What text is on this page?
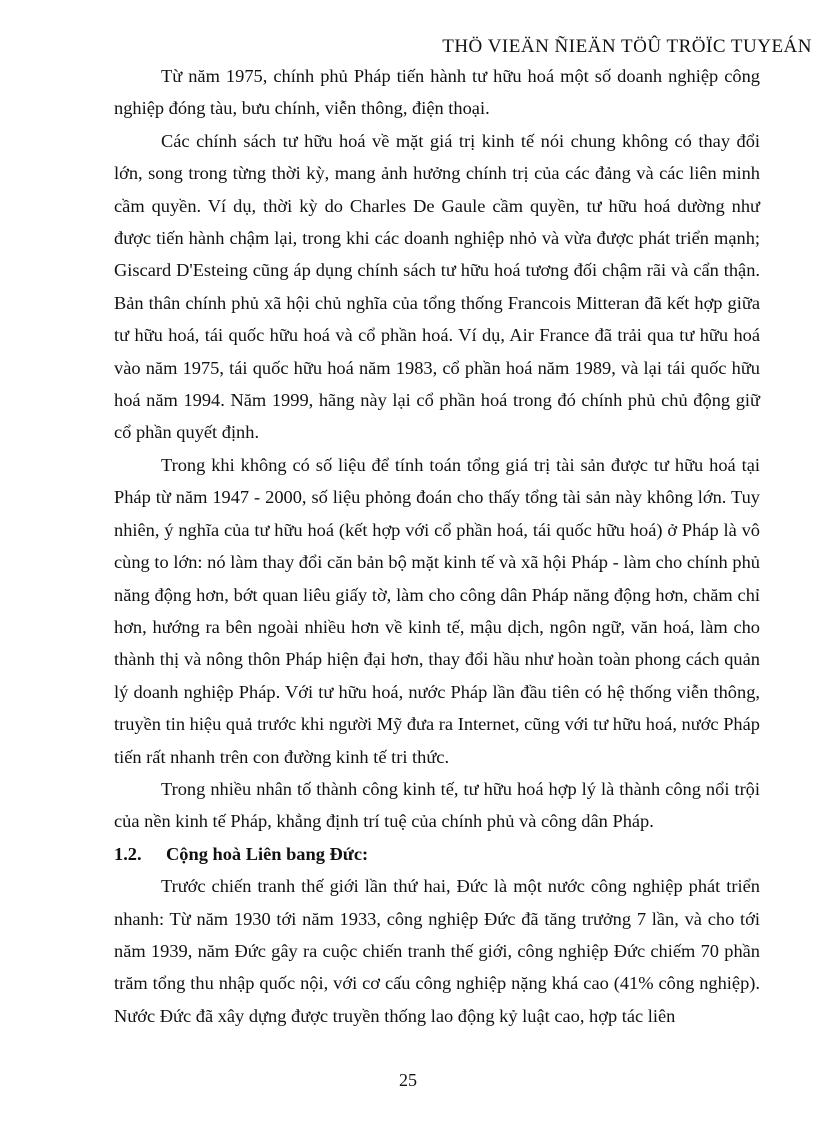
THÖ VIEÄN ÑIEÄN TÖÛ TRÖÏC TUYEÁN

Từ năm 1975, chính phủ Pháp tiến hành tư hữu hoá một số doanh nghiệp công nghiệp đóng tàu, bưu chính, viễn thông, điện thoại.

Các chính sách tư hữu hoá về mặt giá trị kinh tế nói chung không có thay đổi lớn, song trong từng thời kỳ, mang ảnh hưởng chính trị của các đảng và các liên minh cầm quyền. Ví dụ, thời kỳ do Charles De Gaule cầm quyền, tư hữu hoá dường như được tiến hành chậm lại, trong khi các doanh nghiệp nhỏ và vừa được phát triển mạnh; Giscard D'Esteing cũng áp dụng chính sách tư hữu hoá tương đối chậm rãi và cẩn thận. Bản thân chính phủ xã hội chủ nghĩa của tổng thống Francois Mitteran đã kết hợp giữa tư hữu hoá, tái quốc hữu hoá và cổ phần hoá. Ví dụ, Air France đã trải qua tư hữu hoá vào năm 1975, tái quốc hữu hoá năm 1983, cổ phần hoá năm 1989, và lại tái quốc hữu hoá năm 1994. Năm 1999, hãng này lại cổ phần hoá trong đó chính phủ chủ động giữ cổ phần quyết định.

Trong khi không có số liệu để tính toán tổng giá trị tài sản được tư hữu hoá tại Pháp từ năm 1947 - 2000, số liệu phỏng đoán cho thấy tổng tài sản này không lớn. Tuy nhiên, ý nghĩa của tư hữu hoá (kết hợp với cổ phần hoá, tái quốc hữu hoá) ở Pháp là vô cùng to lớn: nó làm thay đổi căn bản bộ mặt kinh tế và xã hội Pháp - làm cho chính phủ năng động hơn, bớt quan liêu giấy tờ, làm cho công dân Pháp năng động hơn, chăm chỉ hơn, hướng ra bên ngoài nhiều hơn về kinh tế, mậu dịch, ngôn ngữ, văn hoá, làm cho thành thị và nông thôn Pháp hiện đại hơn, thay đổi hầu như hoàn toàn phong cách quản lý doanh nghiệp Pháp. Với tư hữu hoá, nước Pháp lần đầu tiên có hệ thống viễn thông, truyền tin hiệu quả trước khi người Mỹ đưa ra Internet, cũng với tư hữu hoá, nước Pháp tiến rất nhanh trên con đường kinh tế tri thức.

Trong nhiều nhân tố thành công kinh tế, tư hữu hoá hợp lý là thành công nổi trội của nền kinh tế Pháp, khẳng định trí tuệ của chính phủ và công dân Pháp.

1.2.	Cộng hoà Liên bang Đức:

Trước chiến tranh thế giới lần thứ hai, Đức là một nước công nghiệp phát triển nhanh: Từ năm 1930 tới năm 1933, công nghiệp Đức đã tăng trưởng 7 lần, và cho tới năm 1939, năm Đức gây ra cuộc chiến tranh thế giới, công nghiệp Đức chiếm 70 phần trăm tổng thu nhập quốc nội, với cơ cấu công nghiệp nặng khá cao (41% công nghiệp). Nước Đức đã xây dựng được truyền thống lao động kỷ luật cao, hợp tác liên

25
